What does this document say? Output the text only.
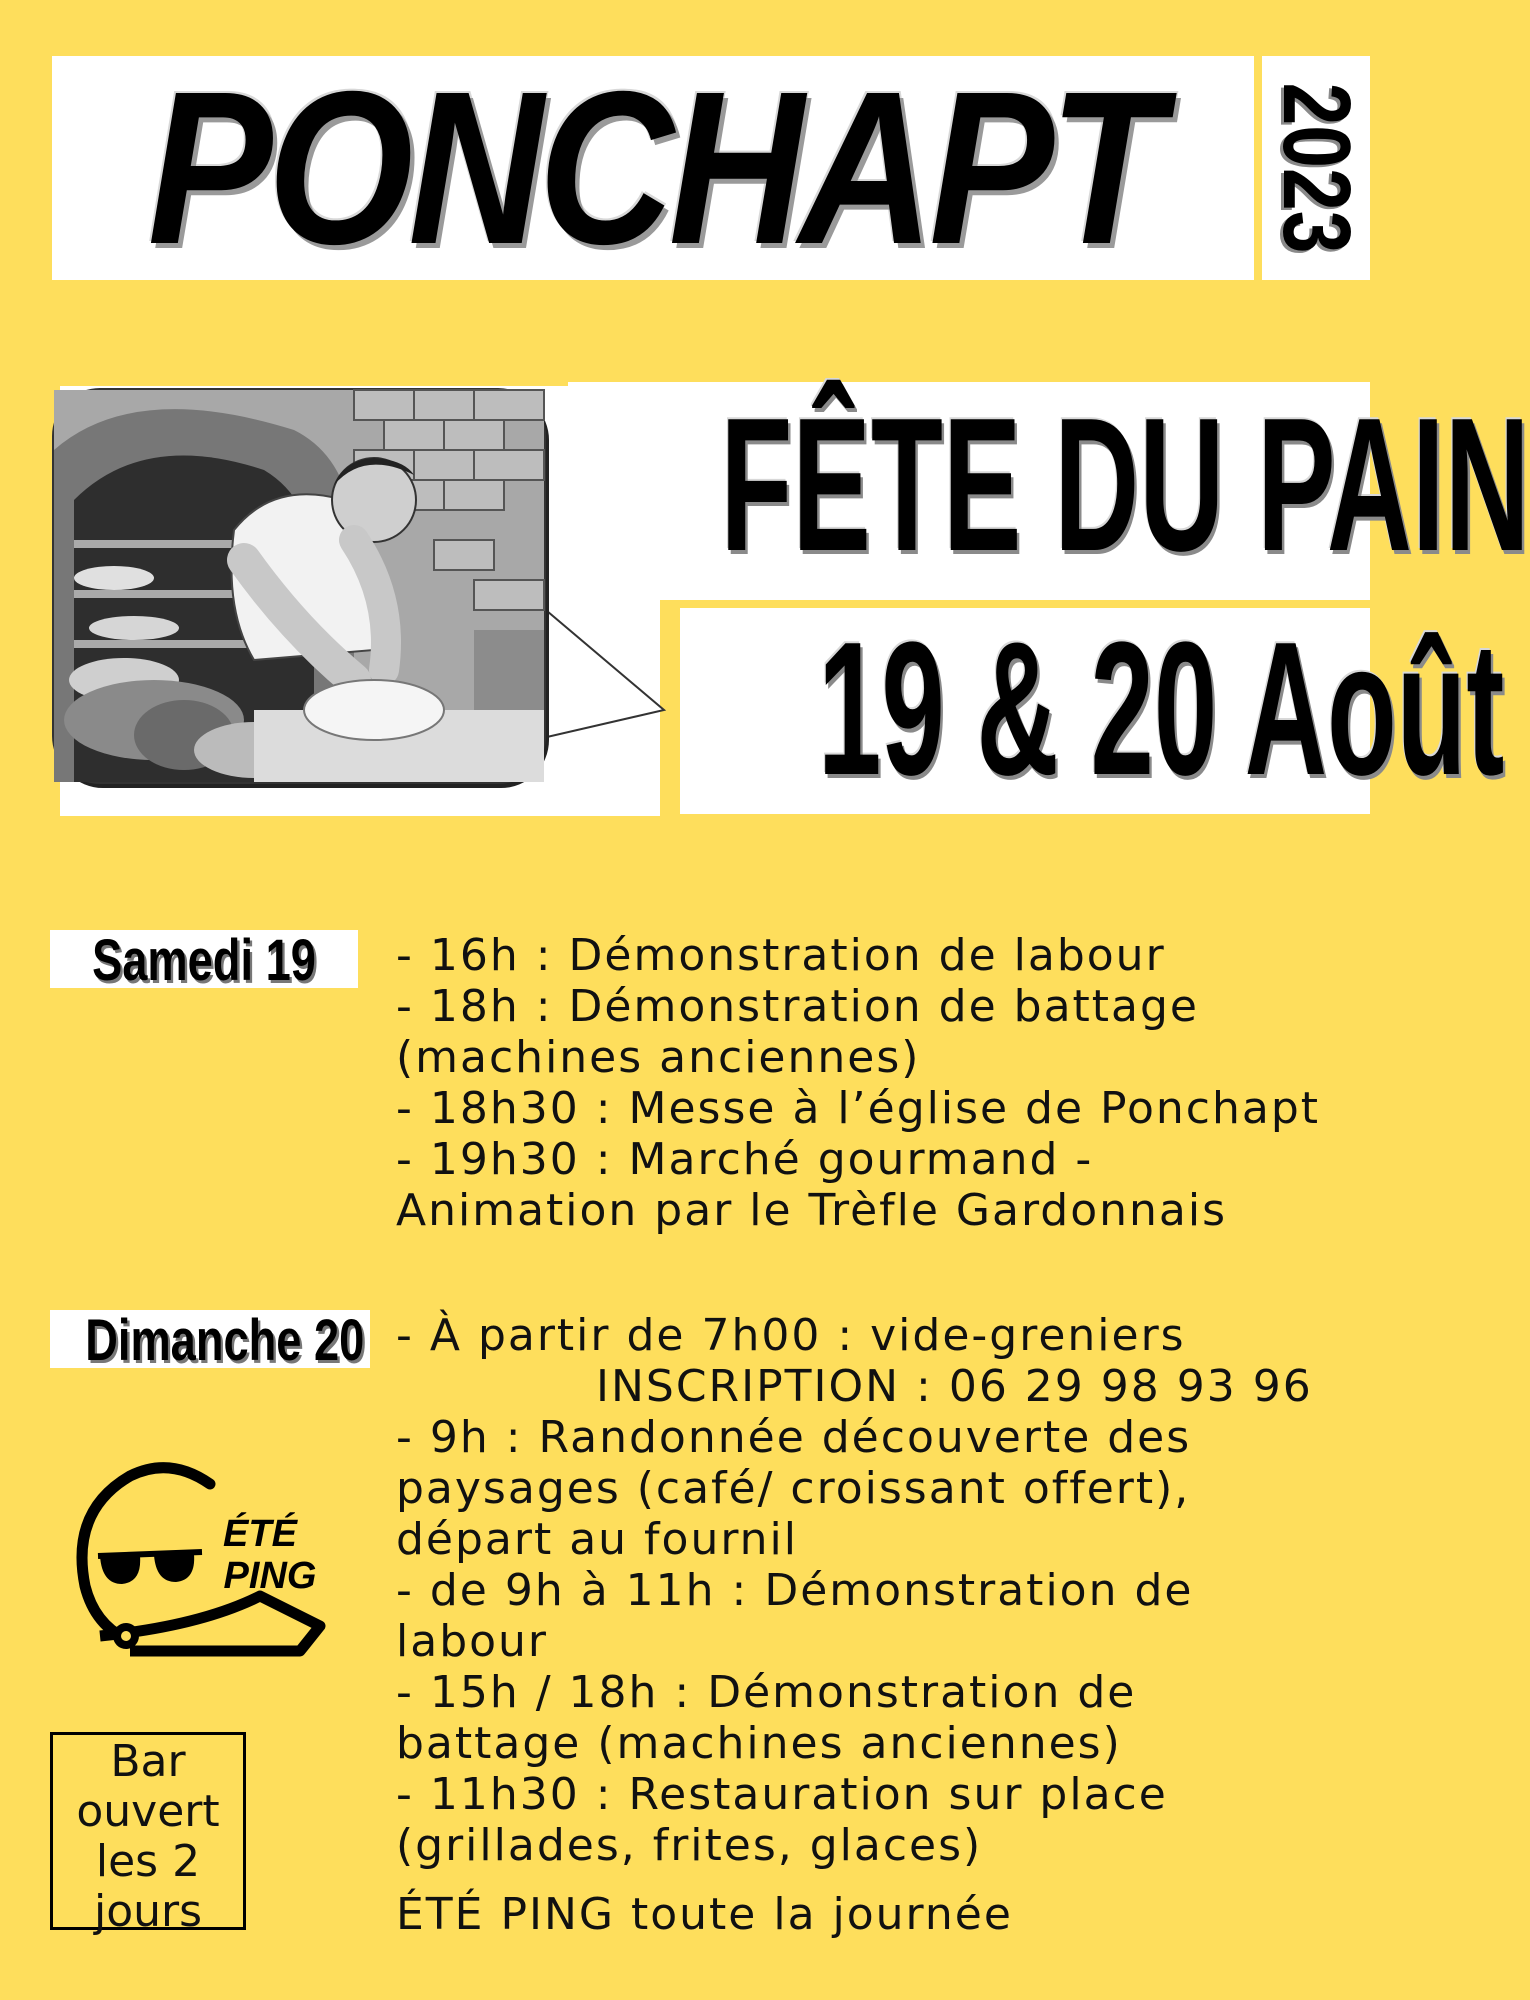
PONCHAPT 2023
FÊTE DU PAIN
19 & 20 Août
Samedi 19 - 16h : Démonstration de labour
- 18h : Démonstration de battage
(machines anciennes)
- 18h30 : Messe à l’église de Ponchapt
- 19h30 : Marché gourmand -
Animation par le Trèfle Gardonnais
Dimanche 20 - À partir de 7h00 : vide-greniers
INSCRIPTION : 06 29 98 93 96
- 9h : Randonnée découverte des
paysages (café/ croissant offert),
départ au fournil
- de 9h à 11h : Démonstration de
labour
- 15h / 18h : Démonstration de
battage (machines anciennes)
- 11h30 : Restauration sur place
(grillades, frites, glaces)
ÉTÉ PING toute la journée
ÉTÉ
PING
Bar
ouvert
les 2
jours
